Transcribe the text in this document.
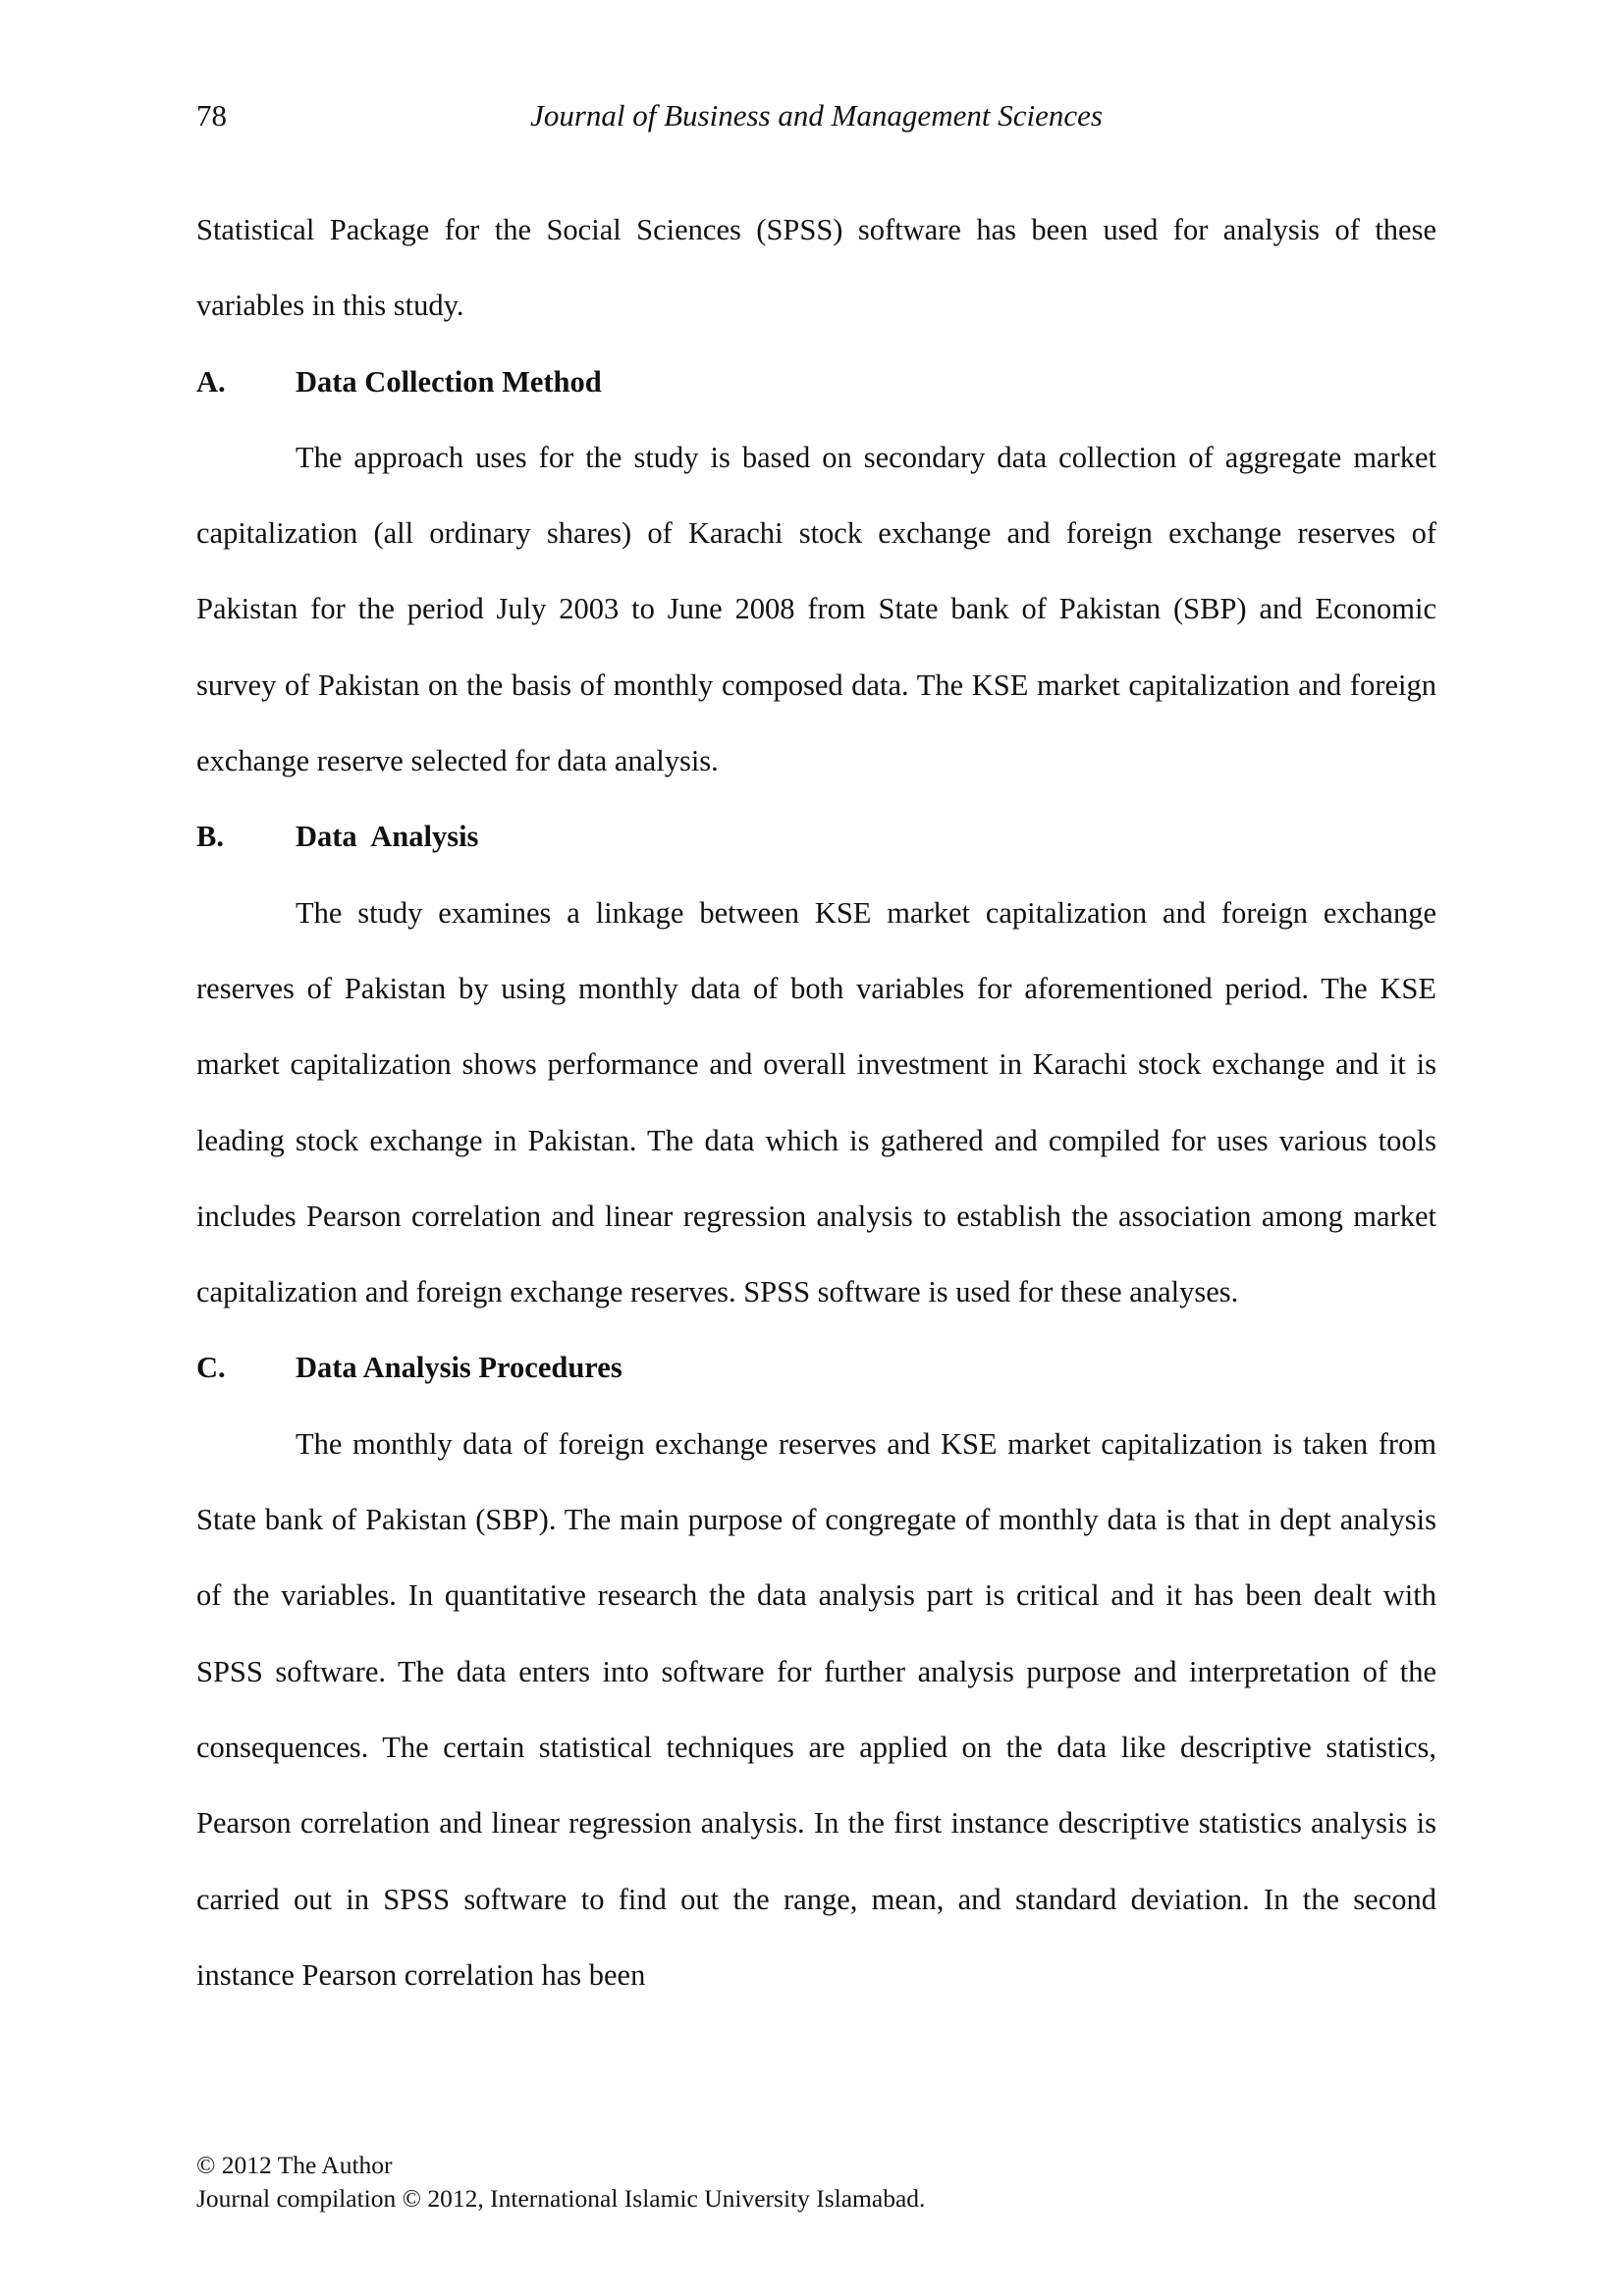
78	Journal of Business and Management Sciences

Statistical Package for the Social Sciences (SPSS) software has been used for analysis of these variables in this study.

A.	Data Collection Method

The approach uses for the study is based on secondary data collection of aggregate market capitalization (all ordinary shares) of Karachi stock exchange and foreign exchange reserves of Pakistan for the period July 2003 to June 2008 from State bank of Pakistan (SBP) and Economic survey of Pakistan on the basis of monthly composed data. The KSE market capitalization and foreign exchange reserve selected for data analysis.

B.	Data  Analysis

The study examines a linkage between KSE market capitalization and foreign exchange reserves of Pakistan by using monthly data of both variables for aforementioned period. The KSE market capitalization shows performance and overall investment in Karachi stock exchange and it is leading stock exchange in Pakistan. The data which is gathered and compiled for uses various tools includes Pearson correlation and linear regression analysis to establish the association among market capitalization and foreign exchange reserves. SPSS software is used for these analyses.

C.	Data Analysis Procedures

The monthly data of foreign exchange reserves and KSE market capitalization is taken from State bank of Pakistan (SBP). The main purpose of congregate of monthly data is that in dept analysis of the variables. In quantitative research the data analysis part is critical and it has been dealt with SPSS software. The data enters into software for further analysis purpose and interpretation of the consequences. The certain statistical techniques are applied on the data like descriptive statistics, Pearson correlation and linear regression analysis. In the first instance descriptive statistics analysis is carried out in SPSS software to find out the range, mean, and standard deviation. In the second instance Pearson correlation has been

© 2012 The Author
Journal compilation © 2012, International Islamic University Islamabad.
